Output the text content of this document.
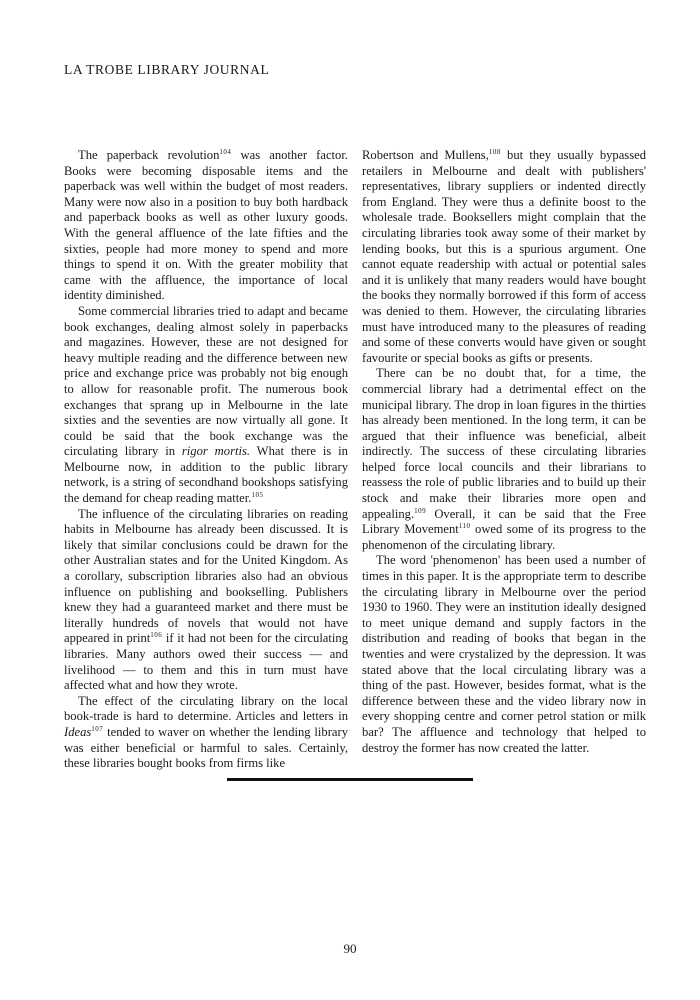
LA TROBE LIBRARY JOURNAL

The paperback revolution$^{104}$ was another factor. Books were becoming disposable items and the paperback was well within the budget of most readers. Many were now also in a position to buy both hardback and paperback books as well as other luxury goods. With the general affluence of the late fifties and the sixties, people had more money to spend and more things to spend it on. With the greater mobility that came with the affluence, the importance of local identity diminished.

Some commercial libraries tried to adapt and became book exchanges, dealing almost solely in paperbacks and magazines. However, these are not designed for heavy multiple reading and the difference between new price and exchange price was probably not big enough to allow for reasonable profit. The numerous book exchanges that sprang up in Melbourne in the late sixties and the seventies are now virtually all gone. It could be said that the book exchange was the circulating library in rigor mortis. What there is in Melbourne now, in addition to the public library network, is a string of secondhand bookshops satisfying the demand for cheap reading matter.$^{105}$

The influence of the circulating libraries on reading habits in Melbourne has already been discussed. It is likely that similar conclusions could be drawn for the other Australian states and for the United Kingdom. As a corollary, subscription libraries also had an obvious influence on publishing and bookselling. Publishers knew they had a guaranteed market and there must be literally hundreds of novels that would not have appeared in print$^{106}$ if it had not been for the circulating libraries. Many authors owed their success — and livelihood — to them and this in turn must have affected what and how they wrote.

The effect of the circulating library on the local book-trade is hard to determine. Articles and letters in Ideas$^{107}$ tended to waver on whether the lending library was either beneficial or harmful to sales. Certainly, these libraries bought books from firms like

Robertson and Mullens,$^{108}$ but they usually bypassed retailers in Melbourne and dealt with publishers' representatives, library suppliers or indented directly from England. They were thus a definite boost to the wholesale trade. Booksellers might complain that the circulating libraries took away some of their market by lending books, but this is a spurious argument. One cannot equate readership with actual or potential sales and it is unlikely that many readers would have bought the books they normally borrowed if this form of access was denied to them. However, the circulating libraries must have introduced many to the pleasures of reading and some of these converts would have given or sought favourite or special books as gifts or presents.

There can be no doubt that, for a time, the commercial library had a detrimental effect on the municipal library. The drop in loan figures in the thirties has already been mentioned. In the long term, it can be argued that their influence was beneficial, albeit indirectly. The success of these circulating libraries helped force local councils and their librarians to reassess the role of public libraries and to build up their stock and make their libraries more open and appealing.$^{109}$ Overall, it can be said that the Free Library Movement$^{110}$ owed some of its progress to the phenomenon of the circulating library.

The word 'phenomenon' has been used a number of times in this paper. It is the appropriate term to describe the circulating library in Melbourne over the period 1930 to 1960. They were an institution ideally designed to meet unique demand and supply factors in the distribution and reading of books that began in the twenties and were crystalized by the depression. It was stated above that the local circulating library was a thing of the past. However, besides format, what is the difference between these and the video library now in every shopping centre and corner petrol station or milk bar? The affluence and technology that helped to destroy the former has now created the latter.

90
